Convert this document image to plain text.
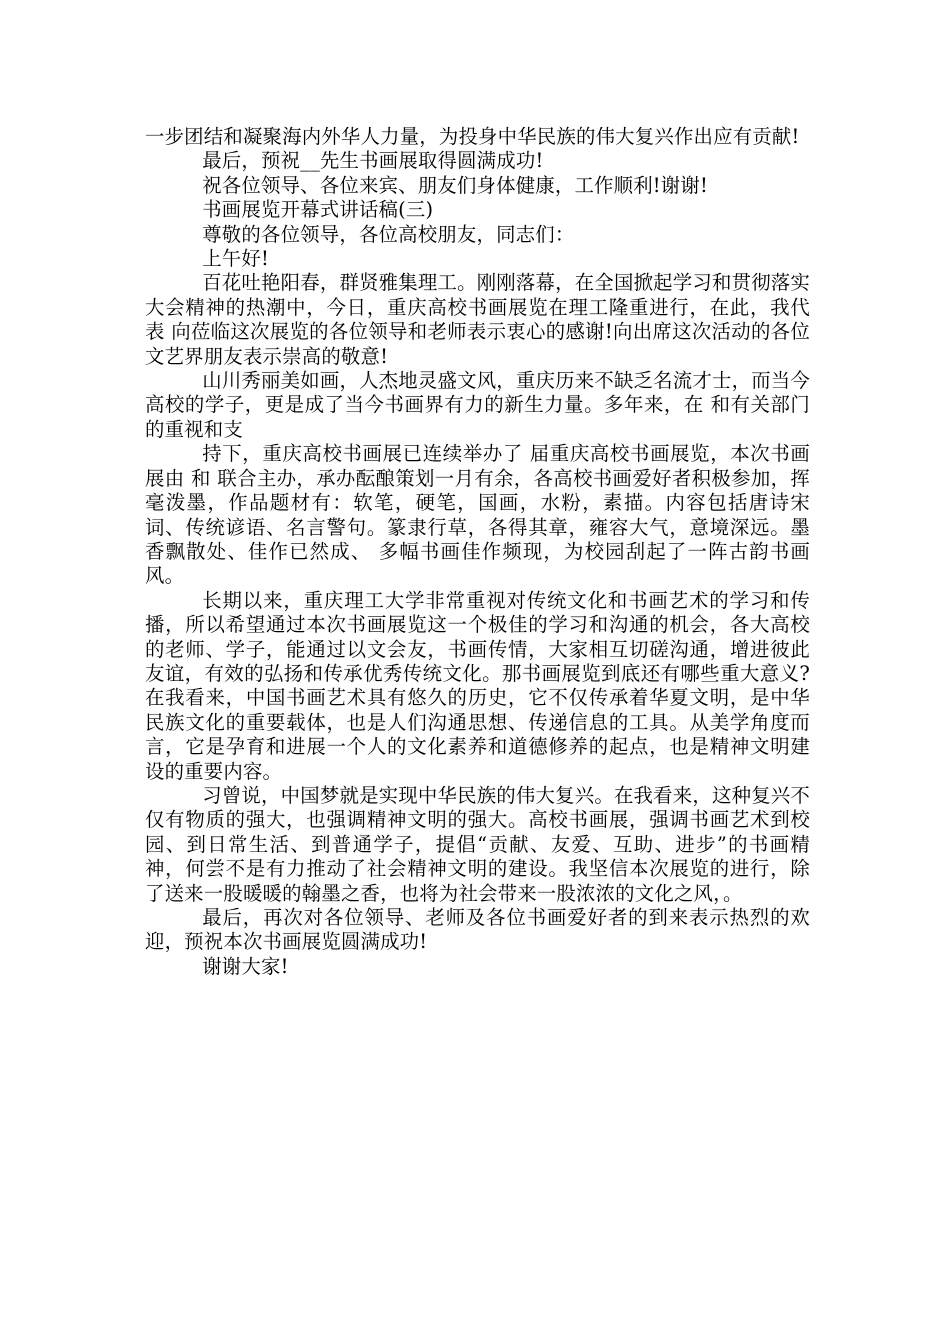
一步团结和凝聚海内外华人力量，为投身中华民族的伟大复兴作出应有贡献!

最后，预祝__先生书画展取得圆满成功!

祝各位领导、各位来宾、朋友们身体健康，工作顺利!谢谢!

书画展览开幕式讲话稿(三)

尊敬的各位领导，各位高校朋友，同志们：

上午好!

百花吐艳阳春，群贤雅集理工。刚刚落幕，在全国掀起学习和贯彻落实大会精神的热潮中，今日，重庆高校书画展览在理工隆重进行，在此，我代表 向莅临这次展览的各位领导和老师表示衷心的感谢!向出席这次活动的各位文艺界朋友表示崇高的敬意!

山川秀丽美如画，人杰地灵盛文风，重庆历来不缺乏名流才士，而当今高校的学子，更是成了当今书画界有力的新生力量。多年来，在 和有关部门的重视和支

持下，重庆高校书画展已连续举办了 届重庆高校书画展览，本次书画展由 和 联合主办，承办酝酿策划一月有余，各高校书画爱好者积极参加，挥毫泼墨，作品题材有：软笔，硬笔，国画，水粉，素描。内容包括唐诗宋词、传统谚语、名言警句。篆隶行草，各得其章，雍容大气，意境深远。墨香飘散处、佳作已然成、 多幅书画佳作频现，为校园刮起了一阵古韵书画风。

长期以来，重庆理工大学非常重视对传统文化和书画艺术的学习和传播，所以希望通过本次书画展览这一个极佳的学习和沟通的机会，各大高校的老师、学子，能通过以文会友，书画传情，大家相互切磋沟通，增进彼此友谊，有效的弘扬和传承优秀传统文化。那书画展览到底还有哪些重大意义?在我看来，中国书画艺术具有悠久的历史，它不仅传承着华夏文明，是中华民族文化的重要载体，也是人们沟通思想、传递信息的工具。从美学角度而言，它是孕育和进展一个人的文化素养和道德修养的起点，也是精神文明建设的重要内容。

习曾说，中国梦就是实现中华民族的伟大复兴。在我看来，这种复兴不仅有物质的强大，也强调精神文明的强大。高校书画展，强调书画艺术到校园、到日常生活、到普通学子，提倡“贡献、友爱、互助、进步”的书画精神，何尝不是有力推动了社会精神文明的建设。我坚信本次展览的进行，除了送来一股暖暖的翰墨之香，也将为社会带来一股浓浓的文化之风，。

最后，再次对各位领导、老师及各位书画爱好者的到来表示热烈的欢迎，预祝本次书画展览圆满成功!

谢谢大家!
